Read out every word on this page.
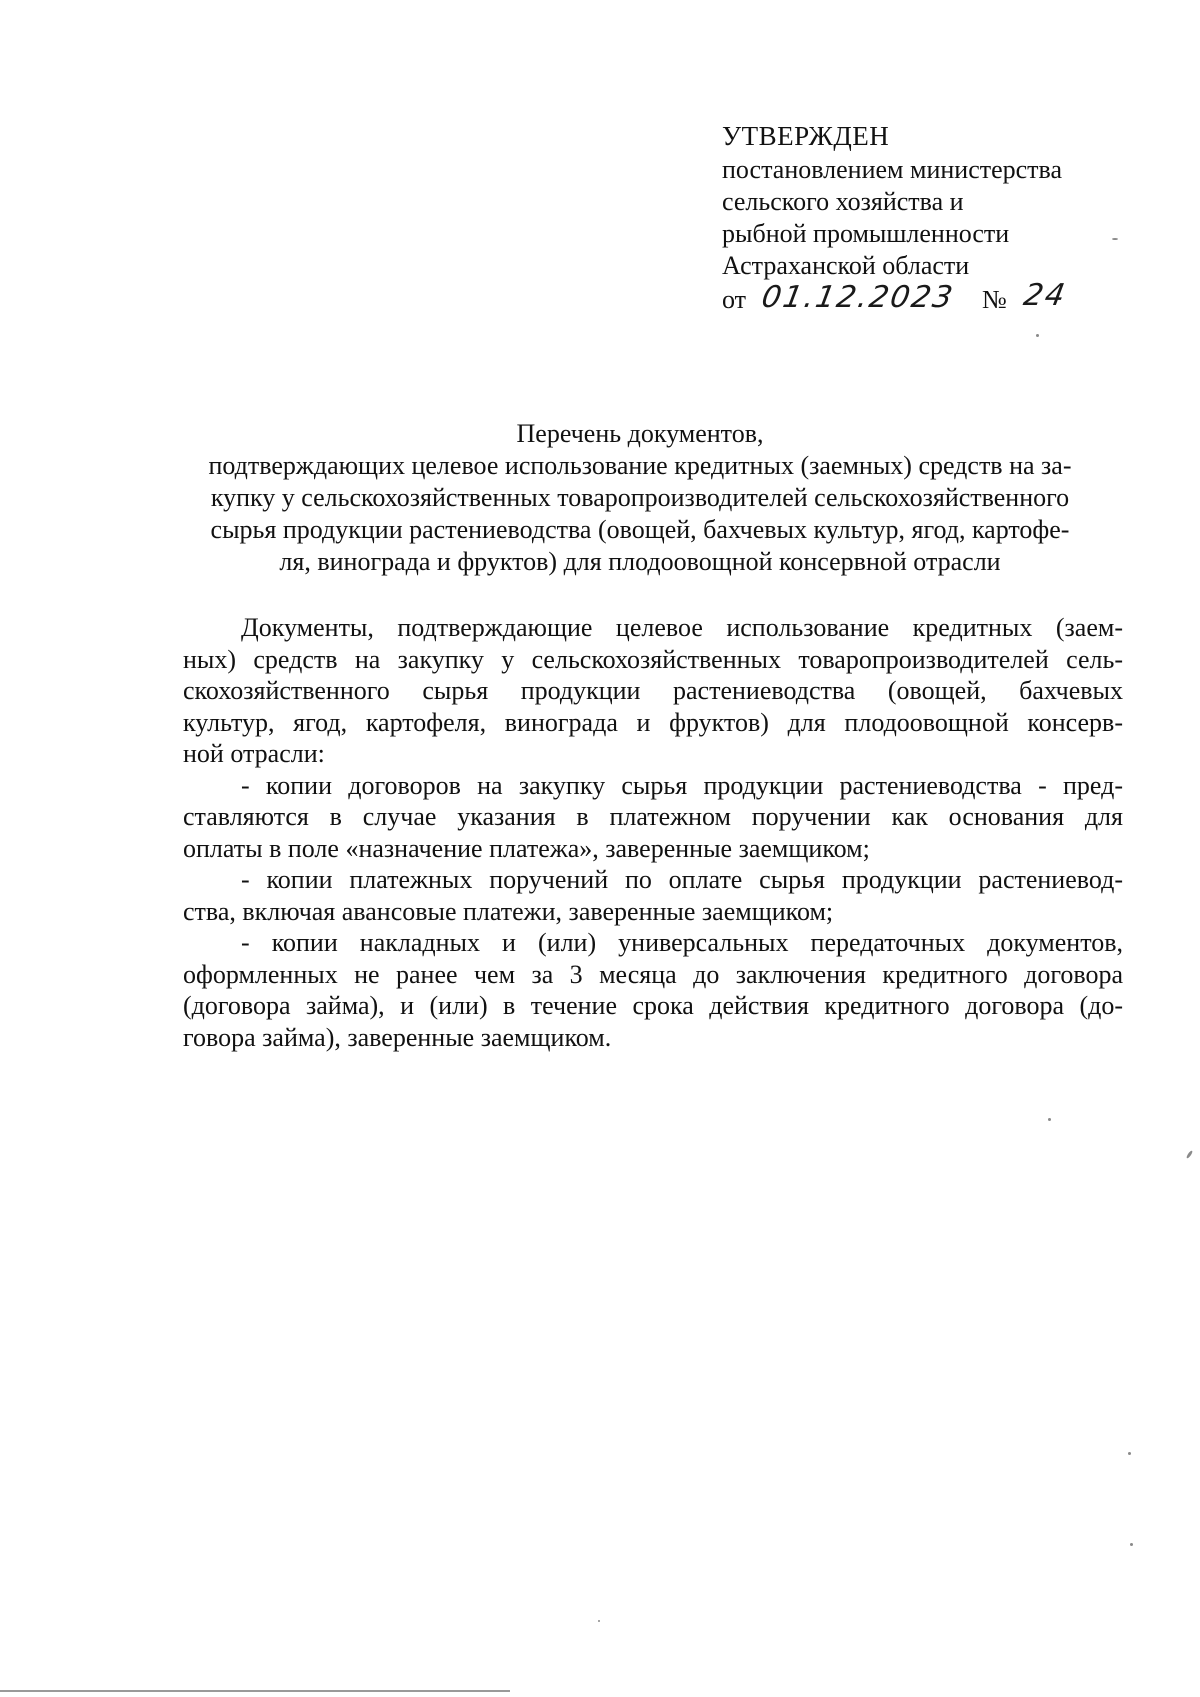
УТВЕРЖДЕН
постановлением министерства
сельского хозяйства и
рыбной промышленности
Астраханской области
от 01.12.2023 № 24
Перечень документов,
подтверждающих целевое использование кредитных (заемных) средств на за-
купку у сельскохозяйственных товаропроизводителей сельскохозяйственного
сырья продукции растениеводства (овощей, бахчевых культур, ягод, картофе-
ля, винограда и фруктов) для плодоовощной консервной отрасли

Документы, подтверждающие целевое использование кредитных (заем-
ных) средств на закупку у сельскохозяйственных товаропроизводителей сель-
скохозяйственного сырья продукции растениеводства (овощей, бахчевых
культур, ягод, картофеля, винограда и фруктов) для плодоовощной консерв-
ной отрасли:

- копии договоров на закупку сырья продукции растениеводства - пред-
ставляются в случае указания в платежном поручении как основания для
оплаты в поле «назначение платежа», заверенные заемщиком;

- копии платежных поручений по оплате сырья продукции растениевод-
ства, включая авансовые платежи, заверенные заемщиком;

- копии накладных и (или) универсальных передаточных документов,
оформленных не ранее чем за 3 месяца до заключения кредитного договора
(договора займа), и (или) в течение срока действия кредитного договора (до-
говора займа), заверенные заемщиком.
